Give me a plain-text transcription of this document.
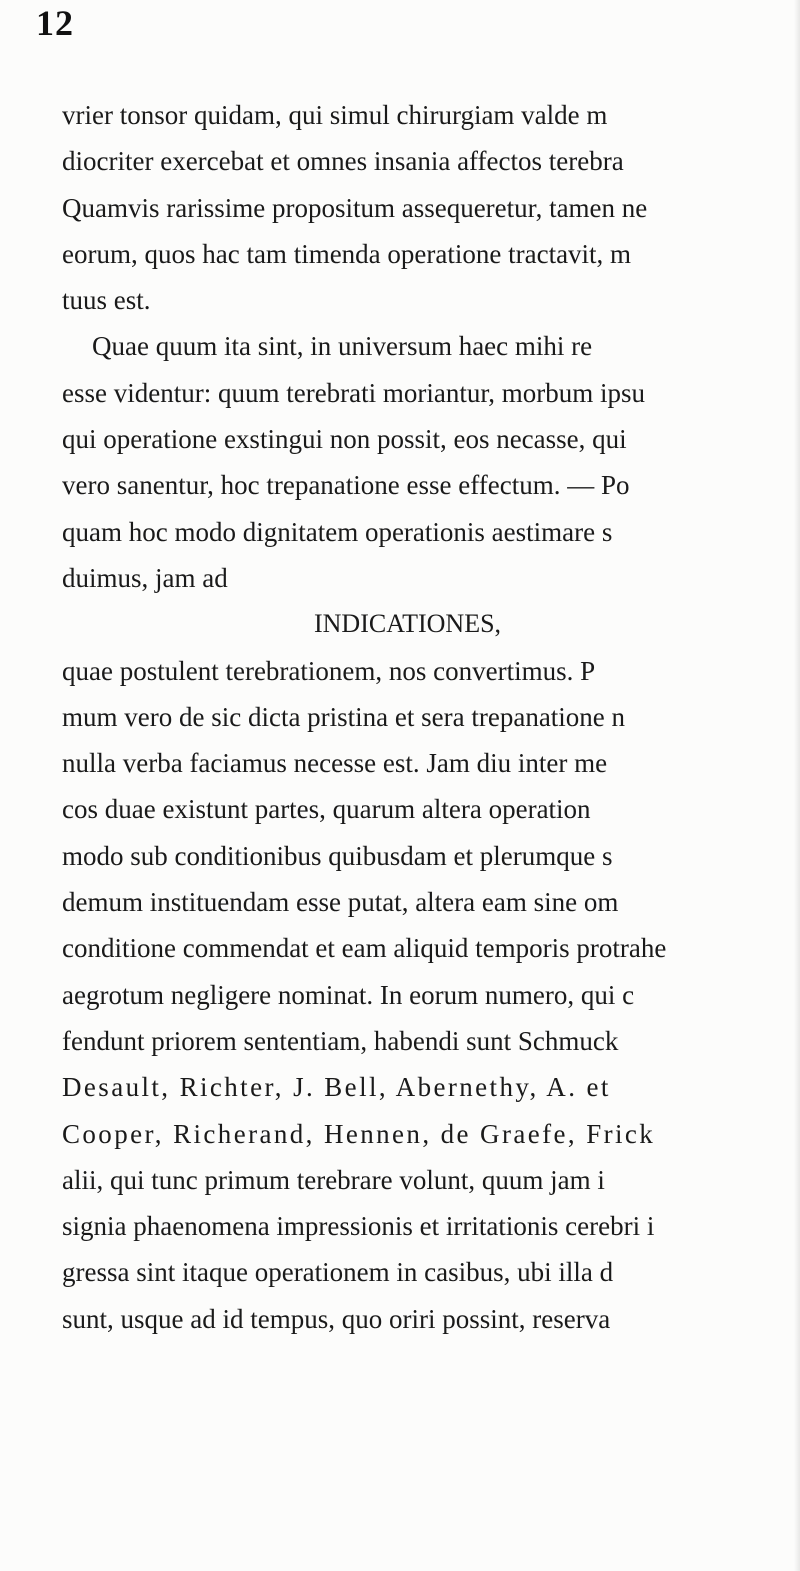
12
vrier tonsor quidam, qui simul chirurgiam valde m
diocriter exercebat et omnes insania affectos terebra
Quamvis rarissime propositum assequeretur, tamen ne
eorum, quos hac tam timenda operatione tractavit, m
tuus est.
Quae quum ita sint, in universum haec mihi re
esse videntur: quum terebrati moriantur, morbum ipsu
qui operatione exstingui non possit, eos necasse, qui
vero sanentur, hoc trepanatione esse effectum. — Po
quam hoc modo dignitatem operationis aestimare s
duimus, jam ad
INDICATIONES,
quae postulent terebrationem, nos convertimus. P
mum vero de sic dicta pristina et sera trepanatione n
nulla verba faciamus necesse est. Jam diu inter me
cos duae existunt partes, quarum altera operation
modo sub conditionibus quibusdam et plerumque s
demum instituendam esse putat, altera eam sine om
conditione commendat et eam aliquid temporis protrahe
aegrotum negligere nominat. In eorum numero, qui c
fendunt priorem sententiam, habendi sunt Schmuck
Desault, Richter, J. Bell, Abernethy, A. et
Cooper, Richerand, Hennen, de Graefe, Frick
alii, qui tunc primum terebrare volunt, quum jam i
signia phaenomena impressionis et irritationis cerebri i
gressa sint itaque operationem in casibus, ubi illa d
sunt, usque ad id tempus, quo oriri possint, reserva
